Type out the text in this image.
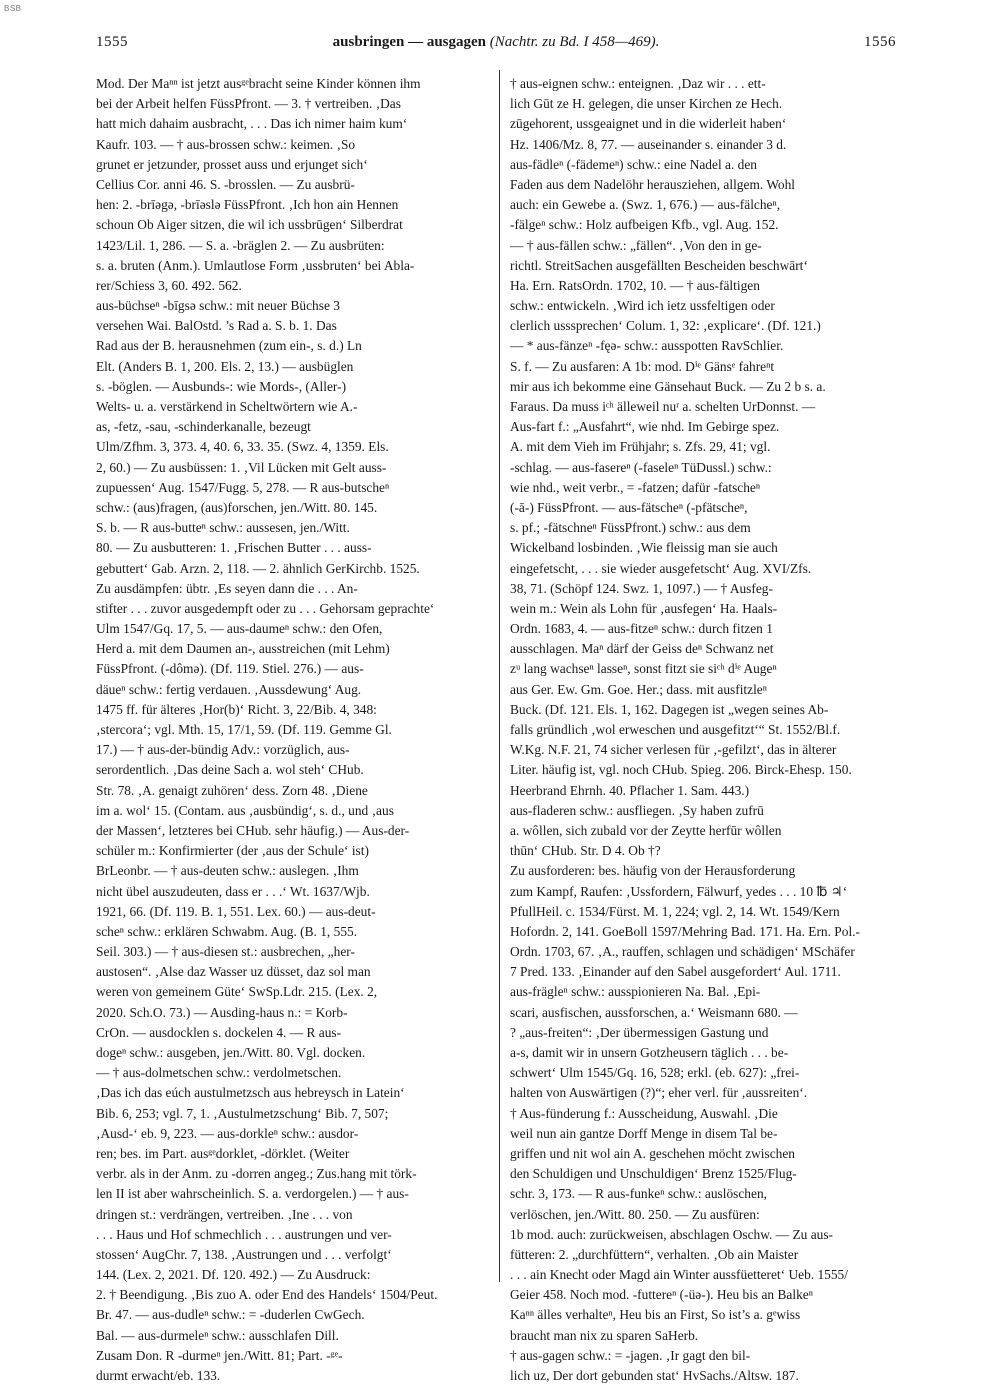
BSB
1555	ausbringen — ausgagen (Nachtr. zu Bd. I 458—469).	1556

Mod. Der Maⁿⁿ ist jetzt ausᵍᵉbracht seine Kinder können ihm

bei der Arbeit helfen FüssPfront. — 3. † vertreiben. ‚Das

hatt mich dahaim ausbracht, . . . Das ich nimer haim kum‘

Kaufr. 103. — † aus-brossen schw.: keimen. ‚So

grunet er jetzunder, prosset auss und erjunget sich‘

Cellius Cor. anni 46. S. -brosslen. — Zu ausbrü-

hen: 2. -brīəgə, -brīəslə FüssPfront. ‚Ich hon ain Hennen

schoun Ob Aiger sitzen, die wil ich ussbrūgen‘ Silberdrat

1423/Lil. 1, 286. — S. a. -bräglen 2. — Zu ausbrüten:

s. a. bruten (Anm.). Umlautlose Form ‚ussbruten‘ bei Abla-

rer/Schiess 3, 60. 492. 562.

aus-büchseⁿ -bīgsə schw.: mit neuer Büchse 3

versehen Wai. BalOstd. ’s Rad a. S. b. 1. Das

Rad aus der B. herausnehmen (zum ein-, s. d.) Ln

Elt. (Anders B. 1, 200. Els. 2, 13.) — ausbüglen

s. -böglen. — Ausbunds-: wie Mords-, (Aller-)

Welts- u. a. verstärkend in Scheltwörtern wie A.-

as, -fetz, -sau, -schinderkanalle, bezeugt

Ulm/Zfhm. 3, 373. 4, 40. 6, 33. 35. (Swz. 4, 1359. Els.

2, 60.) — Zu ausbüssen: 1. ‚Vil Lücken mit Gelt auss-

zupuessen‘ Aug. 1547/Fugg. 5, 278. — R aus-butscheⁿ

schw.: (aus)fragen, (aus)forschen, jen./Witt. 80. 145.

S. b. — R aus-butteⁿ schw.: aussesen, jen./Witt.

80. — Zu ausbutteren: 1. ‚Frischen Butter . . . auss-

gebuttert‘ Gab. Arzn. 2, 118. — 2. ähnlich GerKirchb. 1525.

Zu ausdämpfen: übtr. ‚Es seyen dann die . . . An-

stifter . . . zuvor ausgedempft oder zu . . . Gehorsam geprachte‘

Ulm 1547/Gq. 17, 5. — aus-daumeⁿ schw.: den Ofen,

Herd a. mit dem Daumen an-, ausstreichen (mit Lehm)

FüssPfront. (-dômə). (Df. 119. Stiel. 276.) — aus-

däueⁿ schw.: fertig verdauen. ‚Aussdewung‘ Aug.

1475 ff. für älteres ‚Hor(b)‘ Richt. 3, 22/Bib. 4, 348:

‚stercora‘; vgl. Mth. 15, 17/1, 59. (Df. 119. Gemme Gl.

17.) — † aus-der-bündig Adv.: vorzüglich, aus-

serordentlich. ‚Das deine Sach a. wol steh‘ CHub.

Str. 78. ‚A. genaigt zuhören‘ dess. Zorn 48. ‚Diene

im a. wol‘ 15. (Contam. aus ‚ausbündig‘, s. d., und ‚aus

der Massen‘, letzteres bei CHub. sehr häufig.) — Aus-der-

schüler m.: Konfirmierter (der ‚aus der Schule‘ ist)

BrLeonbr. — † aus-deuten schw.: auslegen. ‚Ihm

nicht übel auszudeuten, dass er . . .‘ Wt. 1637/Wjb.

1921, 66. (Df. 119. B. 1, 551. Lex. 60.) — aus-deut-

scheⁿ schw.: erklären Schwabm. Aug. (B. 1, 555.

Seil. 303.) — † aus-diesen st.: ausbrechen, „her-

austosen“. ‚Alse daz Wasser uz düsset, daz sol man

weren von gemeinem Güte‘ SwSp.Ldr. 215. (Lex. 2,

2020. Sch.O. 73.) — Ausding-haus n.: = Korb-

CrOn. — ausdocklen s. dockelen 4. — R aus-

dogeⁿ schw.: ausgeben, jen./Witt. 80. Vgl. docken.

— † aus-dolmetschen schw.: verdolmetschen.

‚Das ich das eúch austulmetzsch aus hebreysch in Latein‘

Bib. 6, 253; vgl. 7, 1. ‚Austulmetzschung‘ Bib. 7, 507;

‚Ausd-‘ eb. 9, 223. — aus-dorkleⁿ schw.: ausdor-

ren; bes. im Part. ausᵍᵉdorklet, -dörklet. (Weiter

verbr. als in der Anm. zu -dorren angeg.; Zus.hang mit törk-

len II ist aber wahrscheinlich. S. a. verdorgelen.) — † aus-

dringen st.: verdrängen, vertreiben. ‚Ine . . . von

. . . Haus und Hof schmechlich . . . austrungen und ver-

stossen‘ AugChr. 7, 138. ‚Austrungen und . . . verfolgt‘

144. (Lex. 2, 2021. Df. 120. 492.) — Zu Ausdruck:

2. † Beendigung. ‚Bis zuo A. oder End des Handels‘ 1504/Peut.

Br. 47. — aus-dudleⁿ schw.: = -duderlen CwGech.

Bal. — aus-durmeleⁿ schw.: ausschlafen Dill.

Zusam Don. R -durmeⁿ jen./Witt. 81; Part. -ᵍᵉ-

durmt erwacht/eb. 133.

† aus-eignen schw.: enteignen. ‚Daz wir . . . ett-

lich Gūt ze H. gelegen, die unser Kirchen ze Hech.

zūgehorent, ussgeaignet und in die widerleit haben‘

Hz. 1406/Mz. 8, 77. — auseinander s. einander 3 d.

aus-fädleⁿ (-fädemeⁿ) schw.: eine Nadel a. den

Faden aus dem Nadelöhr herausziehen, allgem. Wohl

auch: ein Gewebe a. (Swz. 1, 676.) — aus-fälcheⁿ,

-fälgeⁿ schw.: Holz aufbeigen Kfb., vgl. Aug. 152.

— † aus-fällen schw.: „fällen“. ‚Von den in ge-

richtl. StreitSachen ausgefällten Bescheiden beschwārt‘

Ha. Ern. RatsOrdn. 1702, 10. — † aus-fältigen

schw.: entwickeln. ‚Wird ich ietz ussfeltigen oder

clerlich usssprechen‘ Colum. 1, 32: ‚explicare‘. (Df. 121.)

— * aus-fänzeⁿ -fęə- schw.: ausspotten RavSchlier.

S. f. — Zu ausfaren: A 1b: mod. Dⁱᵉ Gänsᵉ fahreⁿt

mir aus ich bekomme eine Gänsehaut Buck. — Zu 2 b s. a.

Faraus. Da muss iᶜʰ älleweil nuʳ a. schelten UrDonnst. —

Aus-fart f.: „Ausfahrt“, wie nhd. Im Gebirge spez.

A. mit dem Vieh im Frühjahr; s. Zfs. 29, 41; vgl.

-schlag. — aus-fasereⁿ (-faseleⁿ TüDussl.) schw.:

wie nhd., weit verbr., = -fatzen; dafür -fatscheⁿ

(-ā-) FüssPfront. — aus-fätscheⁿ (-pfätscheⁿ,

s. pf.; -fätschneⁿ FüssPfront.) schw.: aus dem

Wickelband losbinden. ‚Wie fleissig man sie auch

eingefetscht, . . . sie wieder ausgefetscht‘ Aug. XVI/Zfs.

38, 71. (Schöpf 124. Swz. 1, 1097.) — † Ausfeg-

wein m.: Wein als Lohn für ‚ausfegen‘ Ha. Haals-

Ordn. 1683, 4. — aus-fitzeⁿ schw.: durch fitzen 1

ausschlagen. Maⁿ därf der Geiss deⁿ Schwanz net

zᵘ lang wachseⁿ lasseⁿ, sonst fitzt sie siᶜʰ dⁱᵉ Augeⁿ

aus Ger. Ew. Gm. Goe. Her.; dass. mit ausfitzleⁿ

Buck. (Df. 121. Els. 1, 162. Dagegen ist „wegen seines Ab-

falls gründlich ‚wol erweschen und ausgefitzt‘“ St. 1552/Bl.f.

W.Kg. N.F. 21, 74 sicher verlesen für ‚-gefilzt‘, das in älterer

Liter. häufig ist, vgl. noch CHub. Spieg. 206. Birck-Ehesp. 150.

Heerbrand Ehrnh. 40. Pflacher 1. Sam. 443.)

aus-fladeren schw.: ausfliegen. ‚Sy haben zufrū

a. wôllen, sich zubald vor der Zeytte herfūr wôllen

thūn‘ CHub. Str. D 4. Ob †?

Zu ausforderen: bes. häufig von der Herausforderung

zum Kampf, Raufen: ‚Ussfordern, Fälwurf, yedes . . . 10 ℔ ♃‘

PfullHeil. c. 1534/Fürst. M. 1, 224; vgl. 2, 14. Wt. 1549/Kern

Hofordn. 2, 141. GoeBoll 1597/Mehring Bad. 171. Ha. Ern. Pol.-

Ordn. 1703, 67. ‚A., rauffen, schlagen und schädigen‘ MSchäfer

7 Pred. 133. ‚Einander auf den Sabel ausgefordert‘ Aul. 1711.

aus-frägleⁿ schw.: ausspionieren Na. Bal. ‚Epi-

scari, ausfischen, aussforschen, a.‘ Weismann 680. —

? „aus-freiten“: ‚Der übermessigen Gastung und

a-s, damit wir in unsern Gotzheusern täglich . . . be-

schwert‘ Ulm 1545/Gq. 16, 528; erkl. (eb. 627): „frei-

halten von Auswärtigen (?)“; eher verl. für ‚aussreiten‘.

† Aus-fünderung f.: Ausscheidung, Auswahl. ‚Die

weil nun ain gantze Dorff Menge in disem Tal be-

griffen und nit wol ain A. geschehen möcht zwischen

den Schuldigen und Unschuldigen‘ Brenz 1525/Flug-

schr. 3, 173. — R aus-funkeⁿ schw.: auslöschen,

verlöschen, jen./Witt. 80. 250. — Zu ausfüren:

1b mod. auch: zurückweisen, abschlagen Oschw. — Zu aus-

fütteren: 2. „durchfüttern“, verhalten. ‚Ob ain Maister

. . . ain Knecht oder Magd ain Winter aussfüetteret‘ Ueb. 1555/

Geier 458. Noch mod. -futtereⁿ (-üə-). Heu bis an Balkeⁿ

Kaⁿⁿ älles verhalteⁿ, Heu bis an First, So ist’s a. gᵉwiss

braucht man nix zu sparen SaHerb.

† aus-gagen schw.: = -jagen. ‚Ir gagt den bil-

lich uz, Der dort gebunden stat‘ HvSachs./Altsw. 187.
